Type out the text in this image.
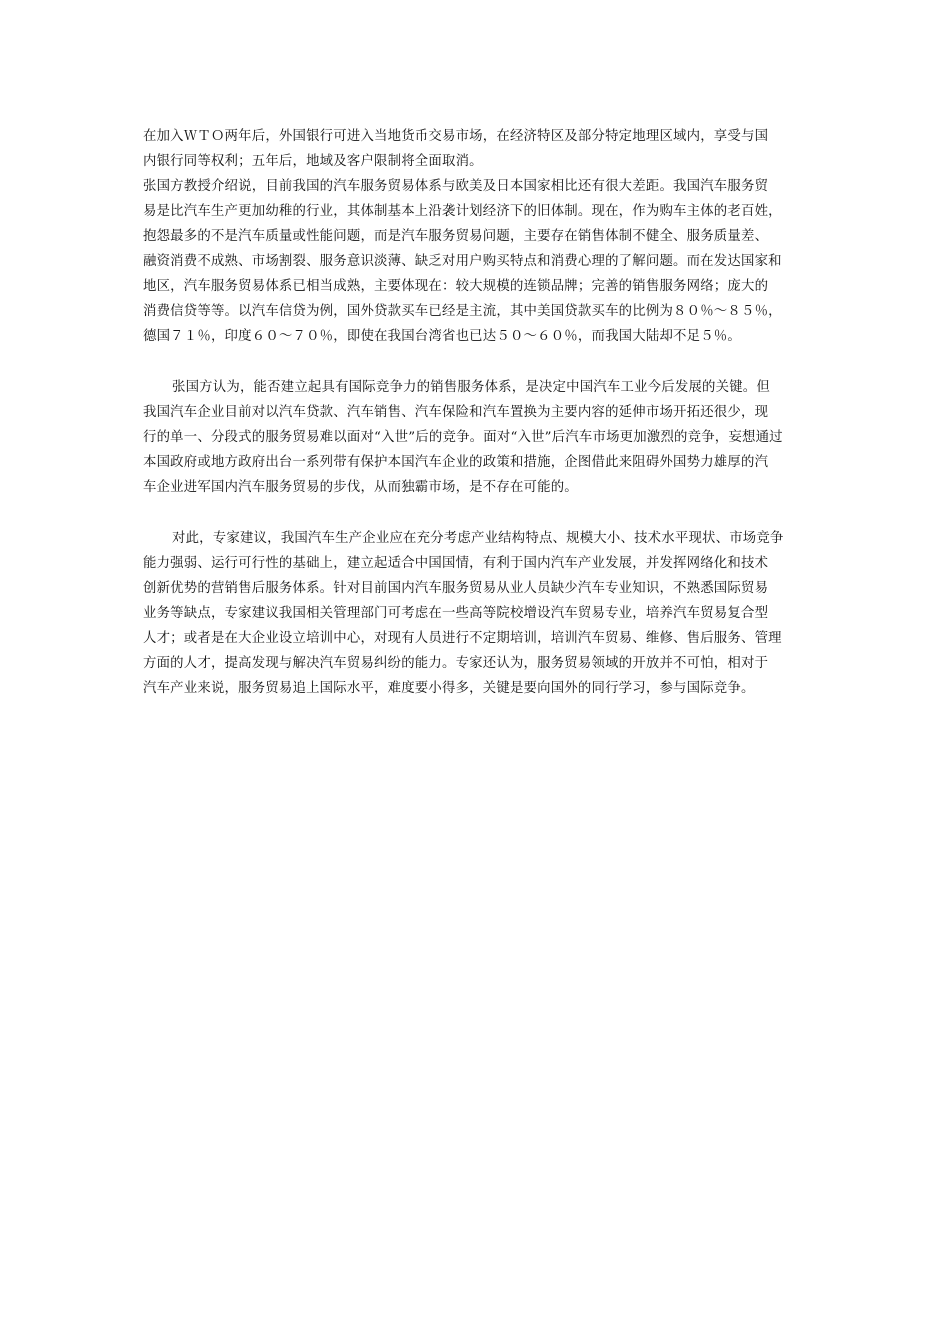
在加入ＷＴＯ两年后，外国银行可进入当地货币交易市场，在经济特区及部分特定地理区域内，享受与国
内银行同等权利；五年后，地域及客户限制将全面取消。
张国方教授介绍说，目前我国的汽车服务贸易体系与欧美及日本国家相比还有很大差距。我国汽车服务贸
易是比汽车生产更加幼稚的行业，其体制基本上沿袭计划经济下的旧体制。现在，作为购车主体的老百姓，
抱怨最多的不是汽车质量或性能问题，而是汽车服务贸易问题，主要存在销售体制不健全、服务质量差、
融资消费不成熟、市场割裂、服务意识淡薄、缺乏对用户购买特点和消费心理的了解问题。而在发达国家和
地区，汽车服务贸易体系已相当成熟，主要体现在：较大规模的连锁品牌；完善的销售服务网络；庞大的
消费信贷等等。以汽车信贷为例，国外贷款买车已经是主流，其中美国贷款买车的比例为８０％～８５％，
德国７１％，印度６０～７０％，即使在我国台湾省也已达５０～６０％，而我国大陆却不足５％。
张国方认为，能否建立起具有国际竞争力的销售服务体系，是决定中国汽车工业今后发展的关键。但
我国汽车企业目前对以汽车贷款、汽车销售、汽车保险和汽车置换为主要内容的延伸市场开拓还很少，现
行的单一、分段式的服务贸易难以面对“入世”后的竞争。面对“入世”后汽车市场更加激烈的竞争，妄想通过
本国政府或地方政府出台一系列带有保护本国汽车企业的政策和措施，企图借此来阻碍外国势力雄厚的汽
车企业进军国内汽车服务贸易的步伐，从而独霸市场，是不存在可能的。
对此，专家建议，我国汽车生产企业应在充分考虑产业结构特点、规模大小、技术水平现状、市场竞争
能力强弱、运行可行性的基础上，建立起适合中国国情，有利于国内汽车产业发展，并发挥网络化和技术
创新优势的营销售后服务体系。针对目前国内汽车服务贸易从业人员缺少汽车专业知识，不熟悉国际贸易
业务等缺点，专家建议我国相关管理部门可考虑在一些高等院校增设汽车贸易专业，培养汽车贸易复合型
人才；或者是在大企业设立培训中心，对现有人员进行不定期培训，培训汽车贸易、维修、售后服务、管理
方面的人才，提高发现与解决汽车贸易纠纷的能力。专家还认为，服务贸易领域的开放并不可怕，相对于
汽车产业来说，服务贸易追上国际水平，难度要小得多，关键是要向国外的同行学习，参与国际竞争。
